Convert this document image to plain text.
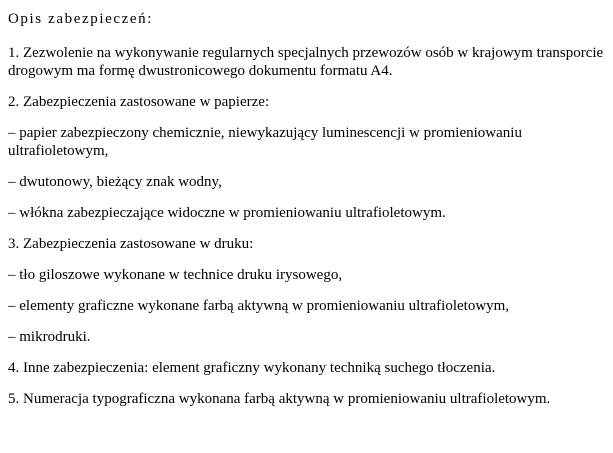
Opis zabezpieczeń:

1. Zezwolenie na wykonywanie regularnych specjalnych przewozów osób w krajowym transporcie drogowym ma formę dwustronicowego dokumentu formatu A4.

2. Zabezpieczenia zastosowane w papierze:

– papier zabezpieczony chemicznie, niewykazujący luminescencji w promieniowaniu ultrafioletowym,

– dwutonowy, bieżący znak wodny,

– włókna zabezpieczające widoczne w promieniowaniu ultrafioletowym.

3. Zabezpieczenia zastosowane w druku:

– tło giloszowe wykonane w technice druku irysowego,

– elementy graficzne wykonane farbą aktywną w promieniowaniu ultrafioletowym,

– mikrodruki.

4. Inne zabezpieczenia: element graficzny wykonany techniką suchego tłoczenia.

5. Numeracja typograficzna wykonana farbą aktywną w promieniowaniu ultrafioletowym.
